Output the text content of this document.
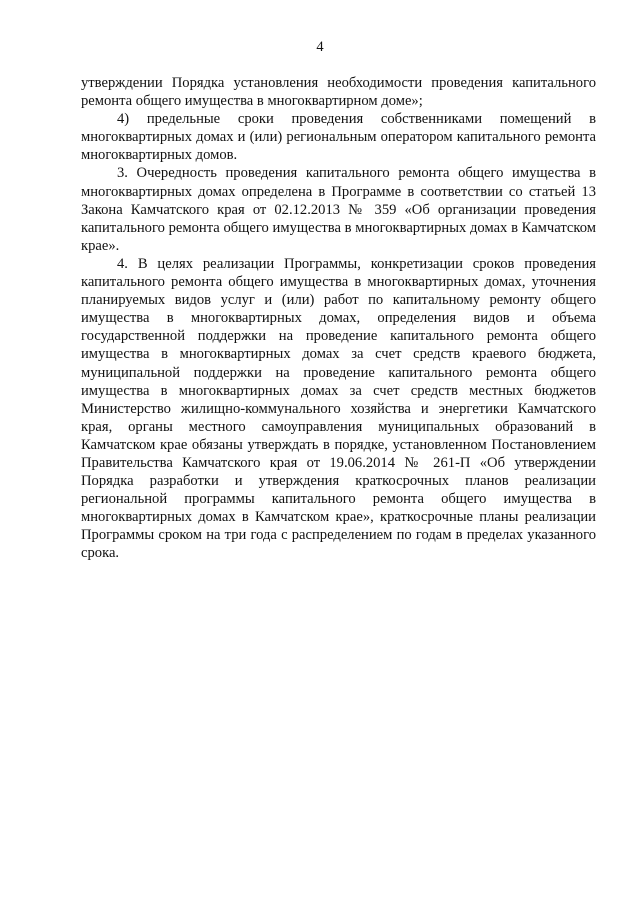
4

утверждении Порядка установления необходимости проведения капитального ремонта общего имущества в многоквартирном доме»;

4) предельные сроки проведения собственниками помещений в многоквартирных домах и (или) региональным оператором капитального ремонта многоквартирных домов.

3. Очередность проведения капитального ремонта общего имущества в многоквартирных домах определена в Программе в соответствии со статьей 13 Закона Камчатского края от 02.12.2013 № 359 «Об организации проведения капитального ремонта общего имущества в многоквартирных домах в Камчатском крае».

4. В целях реализации Программы, конкретизации сроков проведения капитального ремонта общего имущества в многоквартирных домах, уточнения планируемых видов услуг и (или) работ по капитальному ремонту общего имущества в многоквартирных домах, определения видов и объема государственной поддержки на проведение капитального ремонта общего имущества в многоквартирных домах за счет средств краевого бюджета, муниципальной поддержки на проведение капитального ремонта общего имущества в многоквартирных домах за счет средств местных бюджетов Министерство жилищно-коммунального хозяйства и энергетики Камчатского края, органы местного самоуправления муниципальных образований в Камчатском крае обязаны утверждать в порядке, установленном Постановлением Правительства Камчатского края от 19.06.2014 № 261-П «Об утверждении Порядка разработки и утверждения краткосрочных планов реализации региональной программы капитального ремонта общего имущества в многоквартирных домах в Камчатском крае», краткосрочные планы реализации Программы сроком на три года с распределением по годам в пределах указанного срока.
